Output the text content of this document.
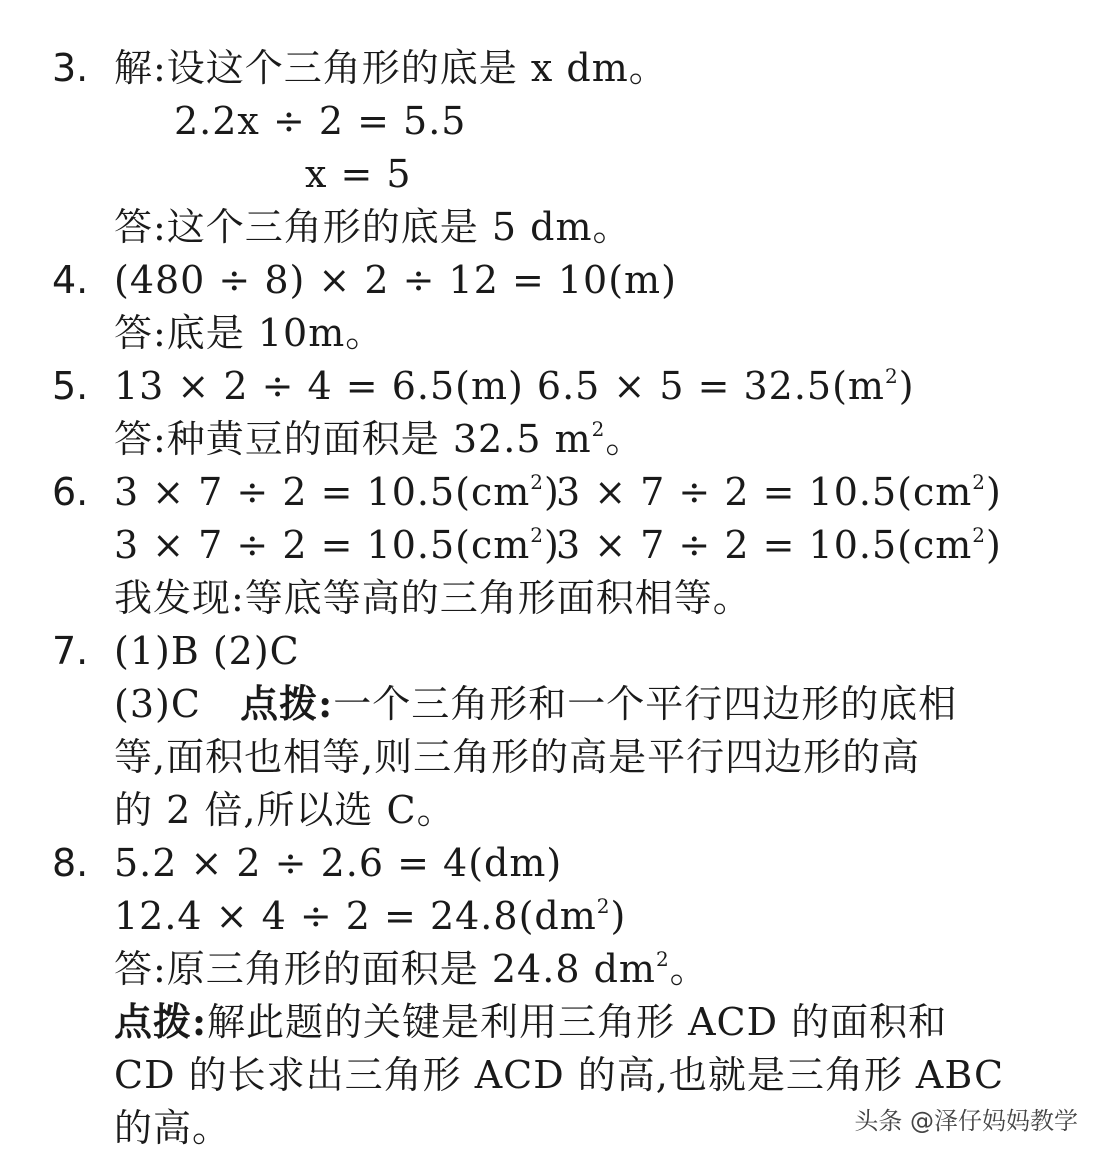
3. 解:设这个三角形的底是 x dm。
2.2x ÷ 2 = 5.5
x = 5
答:这个三角形的底是 5 dm。
4. (480 ÷ 8) × 2 ÷ 12 = 10(m)
答:底是 10m。
5. 13 × 2 ÷ 4 = 6.5(m) $6.5 \times 5 = 32.5(m^2)$
答:种黄豆的面积是 32.5 $m^2$。
6. $3 \times 7 \div 2 = 10.5(cm^2)$
$3 \times 7 \div 2 = 10.5(cm^2)$
$3 \times 7 \div 2 = 10.5(cm^2)$
$3 \times 7 \div 2 = 10.5(cm^2)$
我发现:等底等高的三角形面积相等。
7. (1)B (2)C
(3)C 点拨:一个三角形和一个平行四边形的底相
等,面积也相等,则三角形的高是平行四边形的高
的 2 倍,所以选 C。
8. 5.2 × 2 ÷ 2.6 = 4(dm)
$12.4 \times 4 \div 2 = 24.8(dm^2)$
答:原三角形的面积是 24.8 $dm^2$。
点拨:解此题的关键是利用三角形 ACD 的面积和
CD 的长求出三角形 ACD 的高,也就是三角形 ABC
的高。	头条 @泽仔妈妈教学
